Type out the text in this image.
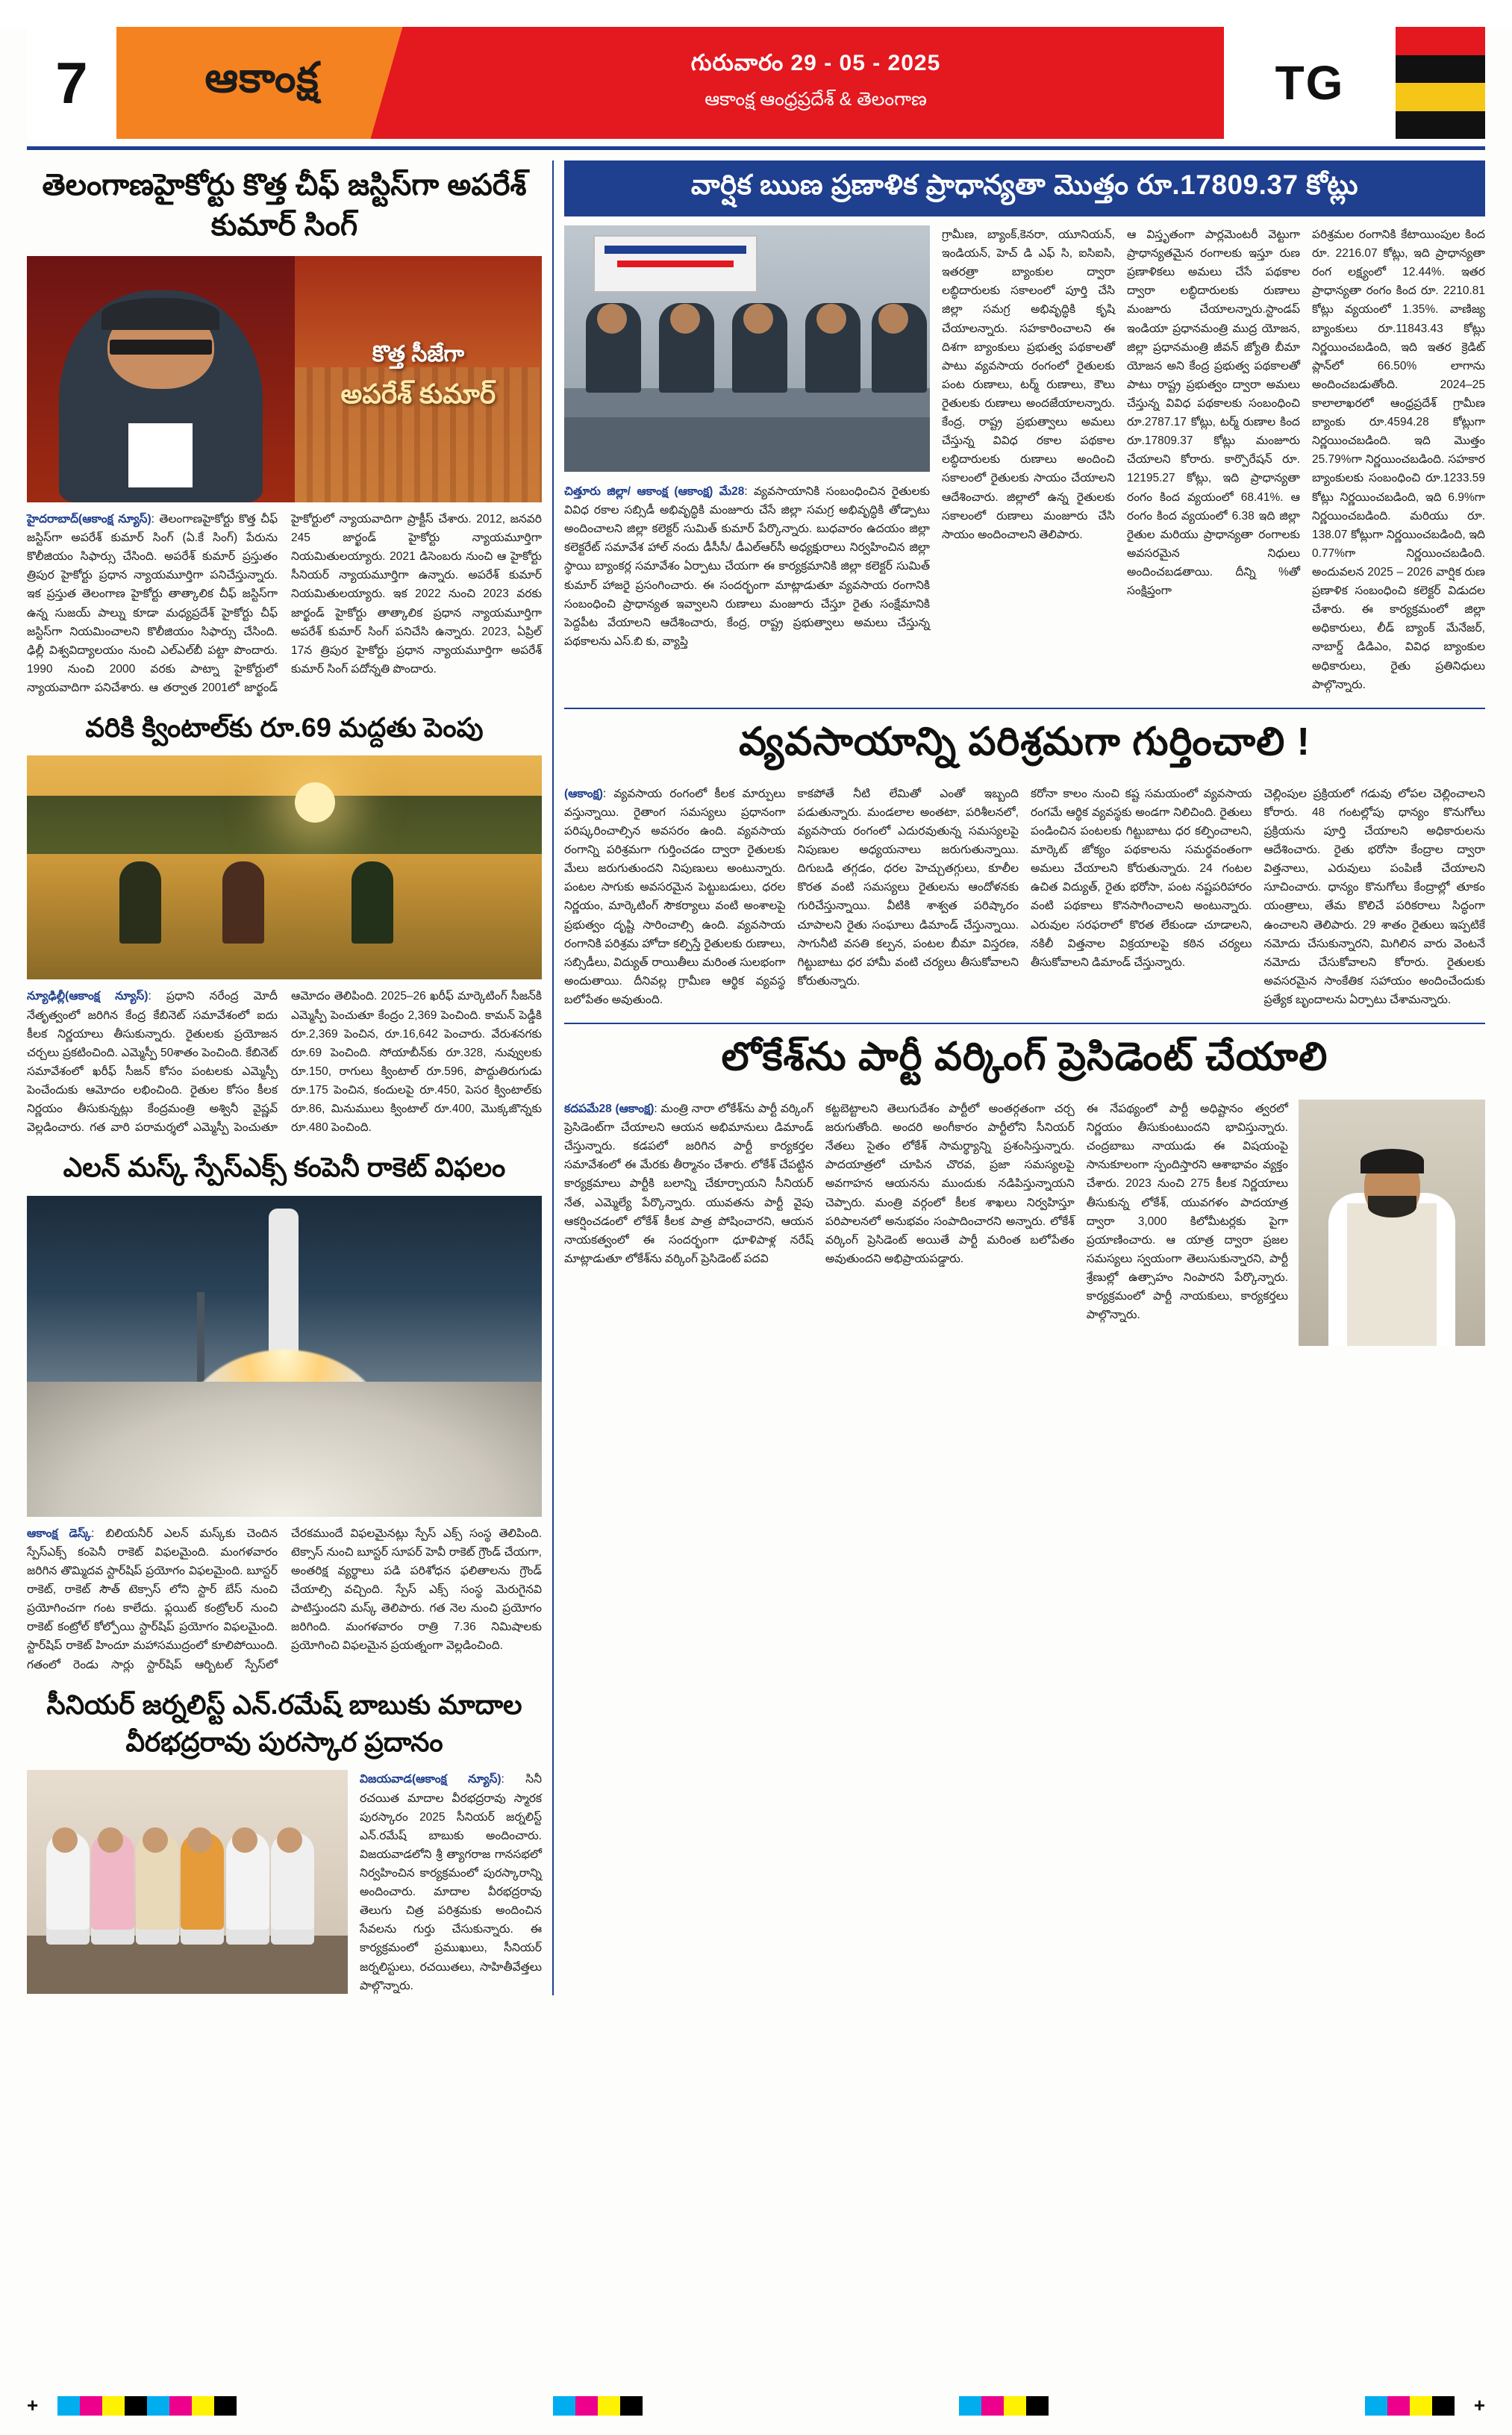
7	ఆకాంక్ష	గురువారం 29 - 05 - 2025
ఆకాంక్ష ఆంధ్రప్రదేశ్ & తెలంగాణ	TG
తెలంగాణహైకోర్టు కొత్త చీఫ్ జస్టిస్‌గా అపరేశ్ కుమార్ సింగ్
కొత్త సీజేగా
అపరేశ్ కుమార్
హైదరాబాద్(ఆకాంక్ష న్యూస్): తెలంగాణహైకోర్టు కొత్త చీఫ్ జస్టిస్‌గా అపరేశ్ కుమార్ సింగ్ (ఏ.కే సింగ్) పేరును కొలీజియం సిఫార్సు చేసింది. అపరేశ్ కుమార్ ప్రస్తుతం త్రిపుర హైకోర్టు ప్రధాన న్యాయమూర్తిగా పనిచేస్తున్నారు. ఇక ప్రస్తుత తెలంగాణ హైకోర్టు తాత్కాలిక చీఫ్ జస్టిస్‌గా ఉన్న సుజయ్ పాల్ను కూడా మధ్యప్రదేశ్ హైకోర్టు చీఫ్ జస్టిస్‌గా నియమించాలని కొలీజియం సిఫార్సు చేసింది. ఢిల్లీ విశ్వవిద్యాలయం నుంచి ఎల్‌ఎల్‌బీ పట్టా పొందారు. 1990 నుంచి 2000 వరకు పాట్నా హైకోర్టులో న్యాయవాదిగా పనిచేశారు. ఆ తర్వాత 2001లో జార్ఖండ్ హైకోర్టులో న్యాయవాదిగా ప్రాక్టీస్ చేశారు. 2012, జనవరి 245 జార్ఖండ్ హైకోర్టు న్యాయమూర్తిగా నియమితులయ్యారు. 2021 డిసెంబరు నుంచి ఆ హైకోర్టు సీనియర్ న్యాయమూర్తిగా ఉన్నారు. అపరేశ్ కుమార్ నియమితులయ్యారు. ఇక 2022 నుంచి 2023 వరకు జార్ఖండ్ హైకోర్టు తాత్కాలిక ప్రధాన న్యాయమూర్తిగా అపరేశ్ కుమార్ సింగ్ పనిచేసి ఉన్నారు. 2023, ఏప్రిల్ 17న త్రిపుర హైకోర్టు ప్రధాన న్యాయమూర్తిగా అపరేశ్ కుమార్ సింగ్ పదోన్నతి పొందారు.
వరికి క్వింటాల్‌కు రూ.69 మద్దతు పెంపు
న్యూఢిల్లీ(ఆకాంక్ష న్యూస్): ప్రధాని నరేంద్ర మోదీ నేతృత్వంలో జరిగిన కేంద్ర కేబినెట్ సమావేశంలో ఐదు కీలక నిర్ణయాలు తీసుకున్నారు. రైతులకు ప్రయోజన చర్చలు ప్రకటించింది. ఎమ్మెస్పీ 50శాతం పెంచింది. కేబినెట్ సమావేశంలో ఖరీఫ్ సీజన్ కోసం పంటలకు ఎమ్మెస్పీ పెంచేందుకు ఆమోదం లభించింది. రైతుల కోసం కీలక నిర్ణయం తీసుకున్నట్లు కేంద్రమంత్రి అశ్వినీ వైష్ణవ్ వెల్లడించారు. గత వారి పరామర్శలో ఎమ్మెస్పీ పెంచుతూ ఆమోదం తెలిపింది. 2025–26 ఖరీఫ్ మార్కెటింగ్ సీజన్‌కి ఎమ్మెస్పీ పెంచుతూ కేంద్రం 2,369 పెంచింది. కామన్ పెడ్డీకి రూ.2,369 పెంచిన, రూ.16,642 పెంచారు. వేరుశనగకు రూ.69 పెంచింది. సోయాబీన్‌కు రూ.328, నువ్వులకు రూ.150, రాగులు క్వింటాల్ రూ.596, పొద్దుతిరుగుడు రూ.175 పెంచిన, కందులపై రూ.450, పెసర క్వింటాల్‌కు రూ.86, మినుములు క్వింటాల్ రూ.400, మొక్కజొన్నకు రూ.480 పెంచింది.
ఎలన్ మస్క్ స్పేస్‌ఎక్స్ కంపెనీ రాకెట్ విఫలం
ఆకాంక్ష డెస్క్: బిలియనీర్ ఎలన్ మస్క్‌కు చెందిన స్పేస్‌ఎక్స్ కంపెనీ రాకెట్ విఫలమైంది. మంగళవారం జరిగిన తొమ్మిదవ స్టార్‌షిప్ ప్రయోగం విఫలమైంది. బూస్టర్ రాకెట్, రాకెట్ సౌత్ టెక్సాస్ లోని స్టార్ బేస్ నుంచి ప్రయోగించగా గంట కాలేదు. ఫ్లయిట్ కంట్రోలర్ నుంచి రాకెట్ కంట్రోల్ కోల్పోయి స్టార్‌షిప్ ప్రయోగం విఫలమైంది. స్టార్‌షిప్ రాకెట్ హిందూ మహాసముద్రంలో కూలిపోయింది. గతంలో రెండు సార్లు స్టార్‌షిప్ ఆర్బిటల్ స్పేస్‌లో చేరకముందే విఫలమైనట్లు స్పేస్ ఎక్స్ సంస్థ తెలిపింది. టెక్సాస్ నుంచి బూస్టర్ సూపర్ హెవీ రాకెట్ గ్రౌండ్ చేయగా, అంతరిక్ష వ్యర్థాలు పడి పరిశోధన ఫలితాలను గ్రౌండ్ చేయాల్సి వచ్చింది. స్పేస్ ఎక్స్ సంస్థ మెరుగైనవి పాటిస్తుందని మస్క్ తెలిపారు. గత నెల నుంచి ప్రయోగం జరిగింది. మంగళవారం రాత్రి 7.36 నిమిషాలకు ప్రయోగించి విఫలమైన ప్రయత్నంగా వెల్లడించింది.
సీనియర్ జర్నలిస్ట్ ఎన్.రమేష్ బాబుకు మాదాల వీరభద్రరావు పురస్కార ప్రదానం
విజయవాడ(ఆకాంక్ష న్యూస్): సినీ రచయిత మాదాల వీరభద్రరావు స్మారక పురస్కారం 2025 సీనియర్ జర్నలిస్ట్ ఎన్.రమేష్ బాబుకు అందించారు. విజయవాడలోని శ్రీ త్యాగరాజ గానసభలో నిర్వహించిన కార్యక్రమంలో పురస్కారాన్ని అందించారు. మాదాల వీరభద్రరావు తెలుగు చిత్ర పరిశ్రమకు అందించిన సేవలను గుర్తు చేసుకున్నారు. ఈ కార్యక్రమంలో ప్రముఖులు, సీనియర్ జర్నలిస్టులు, రచయితలు, సాహితీవేత్తలు పాల్గొన్నారు.
వార్షిక ఋణ ప్రణాళిక ప్రాధాన్యతా మొత్తం రూ.17809.37 కోట్లు
చిత్తూరు జిల్లా/ ఆకాంక్ష (ఆకాంక్ష) మే28: వ్యవసాయానికి సంబంధించిన రైతులకు వివిధ రకాల సబ్సిడీ అభివృద్ధికి మంజూరు చేసే జిల్లా సమగ్ర అభివృద్ధికి తోడ్పాటు అందించాలని జిల్లా కలెక్టర్ సుమిత్ కుమార్ పేర్కొన్నారు. బుధవారం ఉదయం జిల్లా కలెక్టరేట్ సమావేశ హాల్ నందు డీసీసీ/ డీఎల్‌ఆర్‌సీ అధ్యక్షురాలు నిర్వహించిన జిల్లా స్థాయి బ్యాంకర్ల సమావేశం ఏర్పాటు చేయగా ఈ కార్యక్రమానికి జిల్లా కలెక్టర్ సుమిత్ కుమార్ హాజరై ప్రసంగించారు. ఈ సందర్భంగా మాట్లాడుతూ వ్యవసాయ రంగానికి సంబంధించి ప్రాధాన్యత ఇవ్వాలని రుణాలు మంజూరు చేస్తూ రైతు సంక్షేమానికి పెద్దపీట వేయాలని ఆదేశించారు, కేంద్ర, రాష్ట్ర ప్రభుత్వాలు అమలు చేస్తున్న పథకాలను ఎస్.బి కు, వ్యాప్తి
గ్రామీణ, బ్యాంక్,కెనరా, యూనియన్, ఇండియన్, హెచ్ డి ఎఫ్ సి, ఐసిఐసి, ఇతరత్రా బ్యాంకుల ద్వారా లబ్ధిదారులకు సకాలంలో పూర్తి చేసి జిల్లా సమగ్ర అభివృద్ధికి కృషి చేయాలన్నారు. సహకారించాలని ఈ దిశగా బ్యాంకులు ప్రభుత్వ పథకాలతో పాటు వ్యవసాయ రంగంలో రైతులకు పంట రుణాలు, టర్మ్ రుణాలు, కౌలు రైతులకు రుణాలు అందజేయాలన్నారు. కేంద్ర, రాష్ట్ర ప్రభుత్వాలు అమలు చేస్తున్న వివిధ రకాల పథకాల లబ్ధిదారులకు రుణాలు అందించి సకాలంలో రైతులకు సాయం చేయాలని ఆదేశించారు. జిల్లాలో ఉన్న రైతులకు సకాలంలో రుణాలు మంజూరు చేసి సాయం అందించాలని తెలిపారు.
ఆ విస్తృతంగా పార్లమెంటరీ వెట్టుగా ప్రాధాన్యతమైన రంగాలకు ఇస్తూ రుణ ప్రణాళికలు అమలు చేసే పథకాల ద్వారా లబ్ధిదారులకు రుణాలు మంజూరు చేయాలన్నారు.స్టాండప్ ఇండియా ప్రధానమంత్రి ముద్ర యోజన, జిల్లా ప్రధానమంత్రి జీవన్ జ్యోతి బీమా యోజన అని కేంద్ర ప్రభుత్వ పథకాలతో పాటు రాష్ట్ర ప్రభుత్వం ద్వారా అమలు చేస్తున్న వివిధ పథకాలకు సంబంధించి రూ.2787.17 కోట్లు, టర్మ్ రుణాల కింద రూ.17809.37 కోట్లు మంజూరు చేయాలని కోరారు. కార్పొరేషన్ రూ. 12195.27 కోట్లు, ఇది ప్రాధాన్యతా రంగం కింద వ్యయంలో 68.41%. ఆ రంగం కింద వ్యయంలో 6.38 ఇది జిల్లా రైతుల మరియు ప్రాధాన్యతా రంగాలకు అవసరమైన నిధులు అందించబడతాయి. దీన్ని %తో సంక్షిప్తంగా
పరిశ్రమల రంగానికి కేటాయింపుల కింద రూ. 2216.07 కోట్లు, ఇది ప్రాధాన్యతా రంగ లక్ష్యంలో 12.44%. ఇతర ప్రాధాన్యతా రంగం కింద రూ. 2210.81 కోట్లు వ్యయంలో 1.35%. వాణిజ్య బ్యాంకులు రూ.11843.43 కోట్లు నిర్ణయించబడింది, ఇది ఇతర క్రెడిట్ ప్లాన్‌లో 66.50% లాగాను అందించబడుతోంది. 2024–25 కాలాలాఖరలో ఆంధ్రప్రదేశ్ గ్రామీణ బ్యాంకు రూ.4594.28 కోట్లుగా నిర్ణయించబడింది. ఇది మొత్తం 25.79%గా నిర్ణయించబడింది. సహకార బ్యాంకులకు సంబంధించి రూ.1233.59 కోట్లు నిర్ణయించబడింది, ఇది 6.9%గా నిర్ణయించబడింది. మరియు రూ. 138.07 కోట్లుగా నిర్ణయించబడింది, ఇది 0.77%గా నిర్ణయించబడింది. అందువలన 2025 – 2026 వార్షిక రుణ ప్రణాళిక సంబంధించి కలెక్టర్ విడుదల చేశారు. ఈ కార్యక్రమంలో జిల్లా అధికారులు, లీడ్ బ్యాంక్ మేనేజర్, నాబార్డ్ డిడిఎం, వివిధ బ్యాంకుల అధికారులు, రైతు ప్రతినిధులు పాల్గొన్నారు.
వ్యవసాయాన్ని పరిశ్రమగా గుర్తించాలి !
(ఆకాంక్ష): వ్యవసాయ రంగంలో కీలక మార్పులు వస్తున్నాయి. రైతాంగ సమస్యలు ప్రధానంగా పరిష్కరించాల్సిన అవసరం ఉంది. వ్యవసాయ రంగాన్ని పరిశ్రమగా గుర్తించడం ద్వారా రైతులకు మేలు జరుగుతుందని నిపుణులు అంటున్నారు. పంటల సాగుకు అవసరమైన పెట్టుబడులు, ధరల నిర్ణయం, మార్కెటింగ్ సౌకర్యాలు వంటి అంశాలపై ప్రభుత్వం దృష్టి సారించాల్సి ఉంది. వ్యవసాయ రంగానికి పరిశ్రమ హోదా కల్పిస్తే రైతులకు రుణాలు, సబ్సిడీలు, విద్యుత్ రాయితీలు మరింత సులభంగా అందుతాయి. దీనివల్ల గ్రామీణ ఆర్థిక వ్యవస్థ బలోపేతం అవుతుంది.
కాకపోతే నీటి లేమితో ఎంతో ఇబ్బంది పడుతున్నారు. మండలాల అంతటా, పరిశీలనలో, వ్యవసాయ రంగంలో ఎదురవుతున్న సమస్యలపై నిపుణుల అధ్యయనాలు జరుగుతున్నాయి. దిగుబడి తగ్గడం, ధరల హెచ్చుతగ్గులు, కూలీల కొరత వంటి సమస్యలు రైతులను ఆందోళనకు గురిచేస్తున్నాయి. వీటికి శాశ్వత పరిష్కారం చూపాలని రైతు సంఘాలు డిమాండ్ చేస్తున్నాయి. సాగునీటి వసతి కల్పన, పంటల బీమా విస్తరణ, గిట్టుబాటు ధర హామీ వంటి చర్యలు తీసుకోవాలని కోరుతున్నారు.
కరోనా కాలం నుంచి కష్ట సమయంలో వ్యవసాయ రంగమే ఆర్థిక వ్యవస్థకు అండగా నిలిచింది. రైతులు పండించిన పంటలకు గిట్టుబాటు ధర కల్పించాలని, మార్కెట్ జోక్యం పథకాలను సమర్థవంతంగా అమలు చేయాలని కోరుతున్నారు. 24 గంటల ఉచిత విద్యుత్, రైతు భరోసా, పంట నష్టపరిహారం వంటి పథకాలు కొనసాగించాలని అంటున్నారు. ఎరువుల సరఫరాలో కొరత లేకుండా చూడాలని, నకిలీ విత్తనాల విక్రయాలపై కఠిన చర్యలు తీసుకోవాలని డిమాండ్ చేస్తున్నారు.
చెల్లింపుల ప్రక్రియలో గడువు లోపల చెల్లించాలని కోరారు. 48 గంటల్లోపు ధాన్యం కొనుగోలు ప్రక్రియను పూర్తి చేయాలని అధికారులను ఆదేశించారు. రైతు భరోసా కేంద్రాల ద్వారా విత్తనాలు, ఎరువులు పంపిణీ చేయాలని సూచించారు. ధాన్యం కొనుగోలు కేంద్రాల్లో తూకం యంత్రాలు, తేమ కొలిచే పరికరాలు సిద్ధంగా ఉంచాలని తెలిపారు. 29 శాతం రైతులు ఇప్పటికే నమోదు చేసుకున్నారని, మిగిలిన వారు వెంటనే నమోదు చేసుకోవాలని కోరారు. రైతులకు అవసరమైన సాంకేతిక సహాయం అందించేందుకు ప్రత్యేక బృందాలను ఏర్పాటు చేశామన్నారు.
లోకేశ్‌ను పార్టీ వర్కింగ్ ప్రెసిడెంట్ చేయాలి
కదపమే28 (ఆకాంక్ష): మంత్రి నారా లోకేశ్‌ను పార్టీ వర్కింగ్ ప్రెసిడెంట్‌గా చేయాలని ఆయన అభిమానులు డిమాండ్ చేస్తున్నారు. కడపలో జరిగిన పార్టీ కార్యకర్తల సమావేశంలో ఈ మేరకు తీర్మానం చేశారు. లోకేశ్ చేపట్టిన కార్యక్రమాలు పార్టీకి బలాన్ని చేకూర్చాయని సీనియర్ నేత, ఎమ్మెల్యే పేర్కొన్నారు. యువతను పార్టీ వైపు ఆకర్షించడంలో లోకేశ్ కీలక పాత్ర పోషించారని, ఆయన నాయకత్వంలో ఈ సందర్భంగా ధూళిపాళ్ల నరేష్ మాట్లాడుతూ లోకేశ్‌ను వర్కింగ్ ప్రెసిడెంట్ పదవి
కట్టబెట్టాలని తెలుగుదేశం పార్టీలో అంతర్గతంగా చర్చ జరుగుతోంది. అందరి అంగీకారం పార్టీలోని సీనియర్ నేతలు సైతం లోకేశ్ సామర్థ్యాన్ని ప్రశంసిస్తున్నారు. పాదయాత్రలో చూపిన చొరవ, ప్రజా సమస్యలపై అవగాహన ఆయనను ముందుకు నడిపిస్తున్నాయని చెప్పారు. మంత్రి వర్గంలో కీలక శాఖలు నిర్వహిస్తూ పరిపాలనలో అనుభవం సంపాదించారని అన్నారు. లోకేశ్ వర్కింగ్ ప్రెసిడెంట్ అయితే పార్టీ మరింత బలోపేతం అవుతుందని అభిప్రాయపడ్డారు.
ఈ నేపథ్యంలో పార్టీ అధిష్టానం త్వరలో నిర్ణయం తీసుకుంటుందని భావిస్తున్నారు. చంద్రబాబు నాయుడు ఈ విషయంపై సానుకూలంగా స్పందిస్తారని ఆశాభావం వ్యక్తం చేశారు. 2023 నుంచి 275 కీలక నిర్ణయాలు తీసుకున్న లోకేశ్, యువగళం పాదయాత్ర ద్వారా 3,000 కిలోమీటర్లకు పైగా ప్రయాణించారు. ఆ యాత్ర ద్వారా ప్రజల సమస్యలు స్వయంగా తెలుసుకున్నారని, పార్టీ శ్రేణుల్లో ఉత్సాహం నింపారని పేర్కొన్నారు. కార్యక్రమంలో పార్టీ నాయకులు, కార్యకర్తలు పాల్గొన్నారు.
+	+
